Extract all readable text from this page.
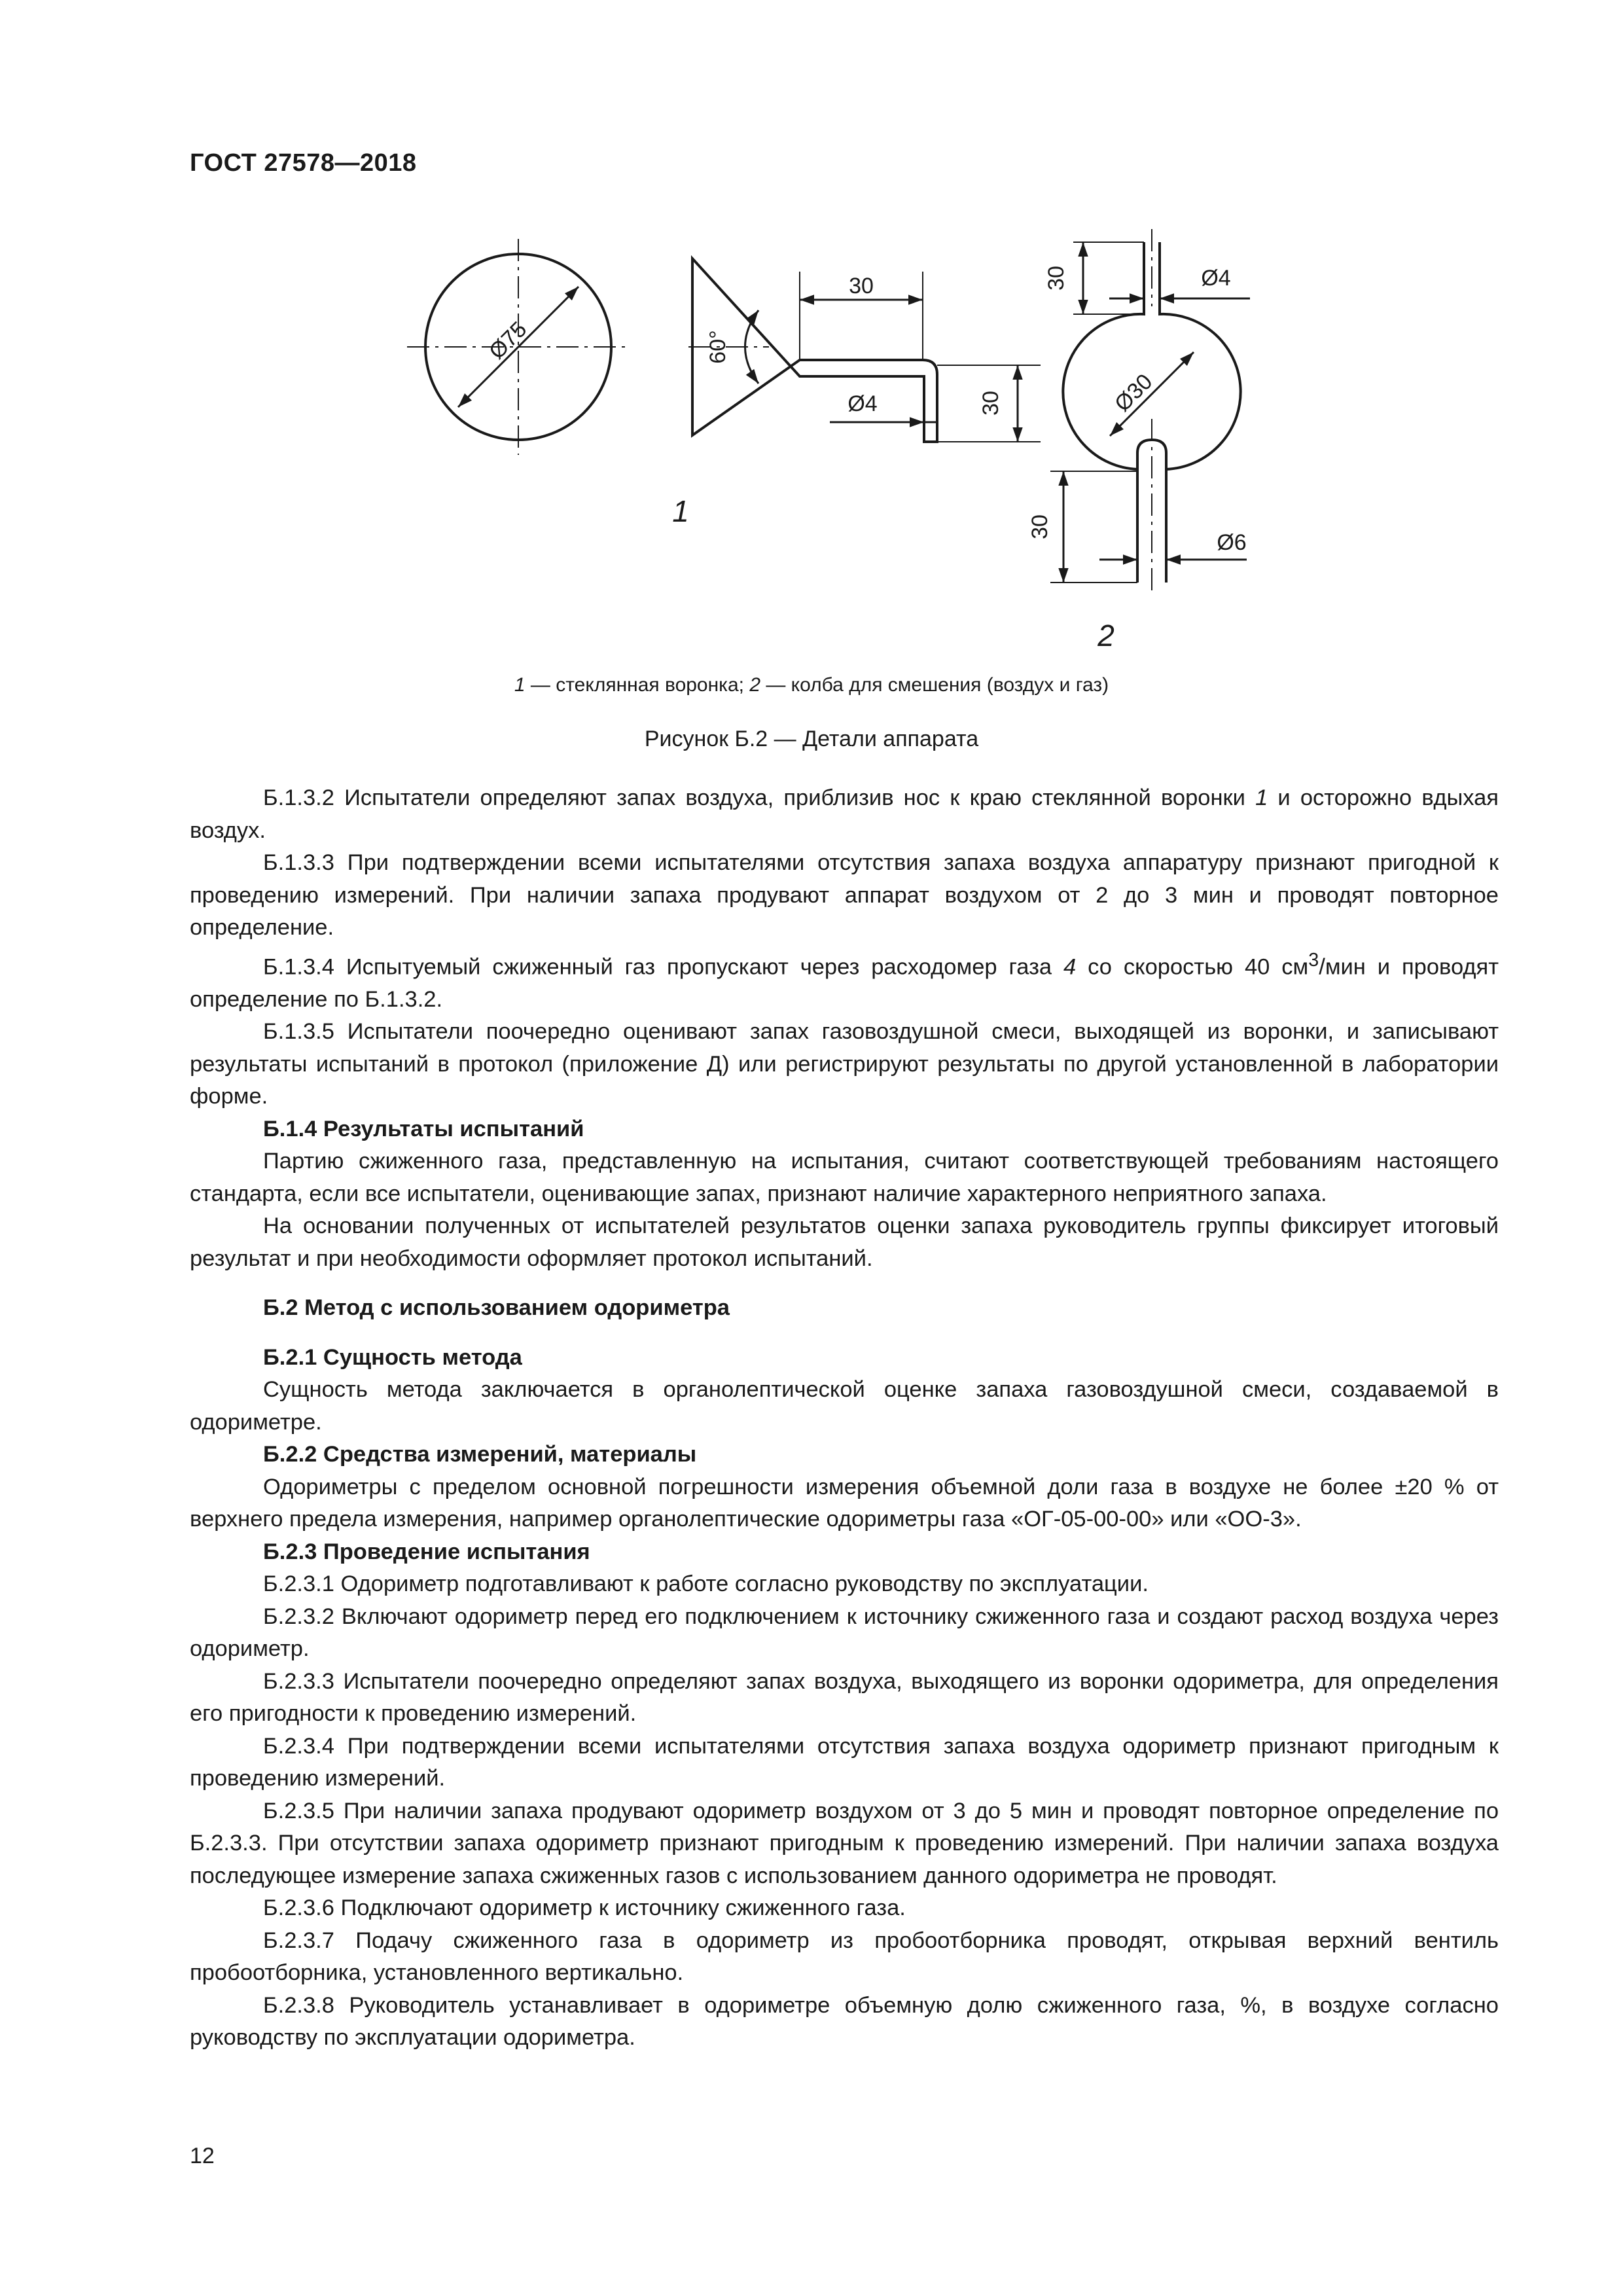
ГОСТ 27578—2018
Ø75	60°
30
Ø4	30
1
30	Ø4
Ø30
30
Ø6
2
1 — стеклянная воронка; 2 — колба для смешения (воздух и газ)
Рисунок Б.2 — Детали аппарата

Б.1.3.2 Испытатели определяют запах воздуха, приблизив нос к краю стеклянной воронки 1 и осторожно вдыхая воздух.

Б.1.3.3 При подтверждении всеми испытателями отсутствия запаха воздуха аппаратуру признают пригодной к проведению измерений. При наличии запаха продувают аппарат воздухом от 2 до 3 мин и проводят повторное определение.

Б.1.3.4 Испытуемый сжиженный газ пропускают через расходомер газа 4 со скоростью 40 $см^3$/мин и проводят определение по Б.1.3.2.

Б.1.3.5 Испытатели поочередно оценивают запах газовоздушной смеси, выходящей из воронки, и записывают результаты испытаний в протокол (приложение Д) или регистрируют результаты по другой установленной в лаборатории форме.

Б.1.4 Результаты испытаний

Партию сжиженного газа, представленную на испытания, считают соответствующей требованиям настоящего стандарта, если все испытатели, оценивающие запах, признают наличие характерного неприятного запаха.

На основании полученных от испытателей результатов оценки запаха руководитель группы фиксирует итоговый результат и при необходимости оформляет протокол испытаний.

Б.2 Метод с использованием одориметра

Б.2.1 Сущность метода

Сущность метода заключается в органолептической оценке запаха газовоздушной смеси, создаваемой в одориметре.

Б.2.2 Средства измерений, материалы

Одориметры с пределом основной погрешности измерения объемной доли газа в воздухе не более ±20 % от верхнего предела измерения, например органолептические одориметры газа «ОГ-05-00-00» или «ОО-3».

Б.2.3 Проведение испытания

Б.2.3.1 Одориметр подготавливают к работе согласно руководству по эксплуатации.

Б.2.3.2 Включают одориметр перед его подключением к источнику сжиженного газа и создают расход воздуха через одориметр.

Б.2.3.3 Испытатели поочередно определяют запах воздуха, выходящего из воронки одориметра, для определения его пригодности к проведению измерений.

Б.2.3.4 При подтверждении всеми испытателями отсутствия запаха воздуха одориметр признают пригодным к проведению измерений.

Б.2.3.5 При наличии запаха продувают одориметр воздухом от 3 до 5 мин и проводят повторное определение по Б.2.3.3. При отсутствии запаха одориметр признают пригодным к проведению измерений. При наличии запаха воздуха последующее измерение запаха сжиженных газов с использованием данного одориметра не проводят.

Б.2.3.6 Подключают одориметр к источнику сжиженного газа.

Б.2.3.7 Подачу сжиженного газа в одориметр из пробоотборника проводят, открывая верхний вентиль пробоотборника, установленного вертикально.

Б.2.3.8 Руководитель устанавливает в одориметре объемную долю сжиженного газа, %, в воздухе согласно руководству по эксплуатации одориметра.

12
